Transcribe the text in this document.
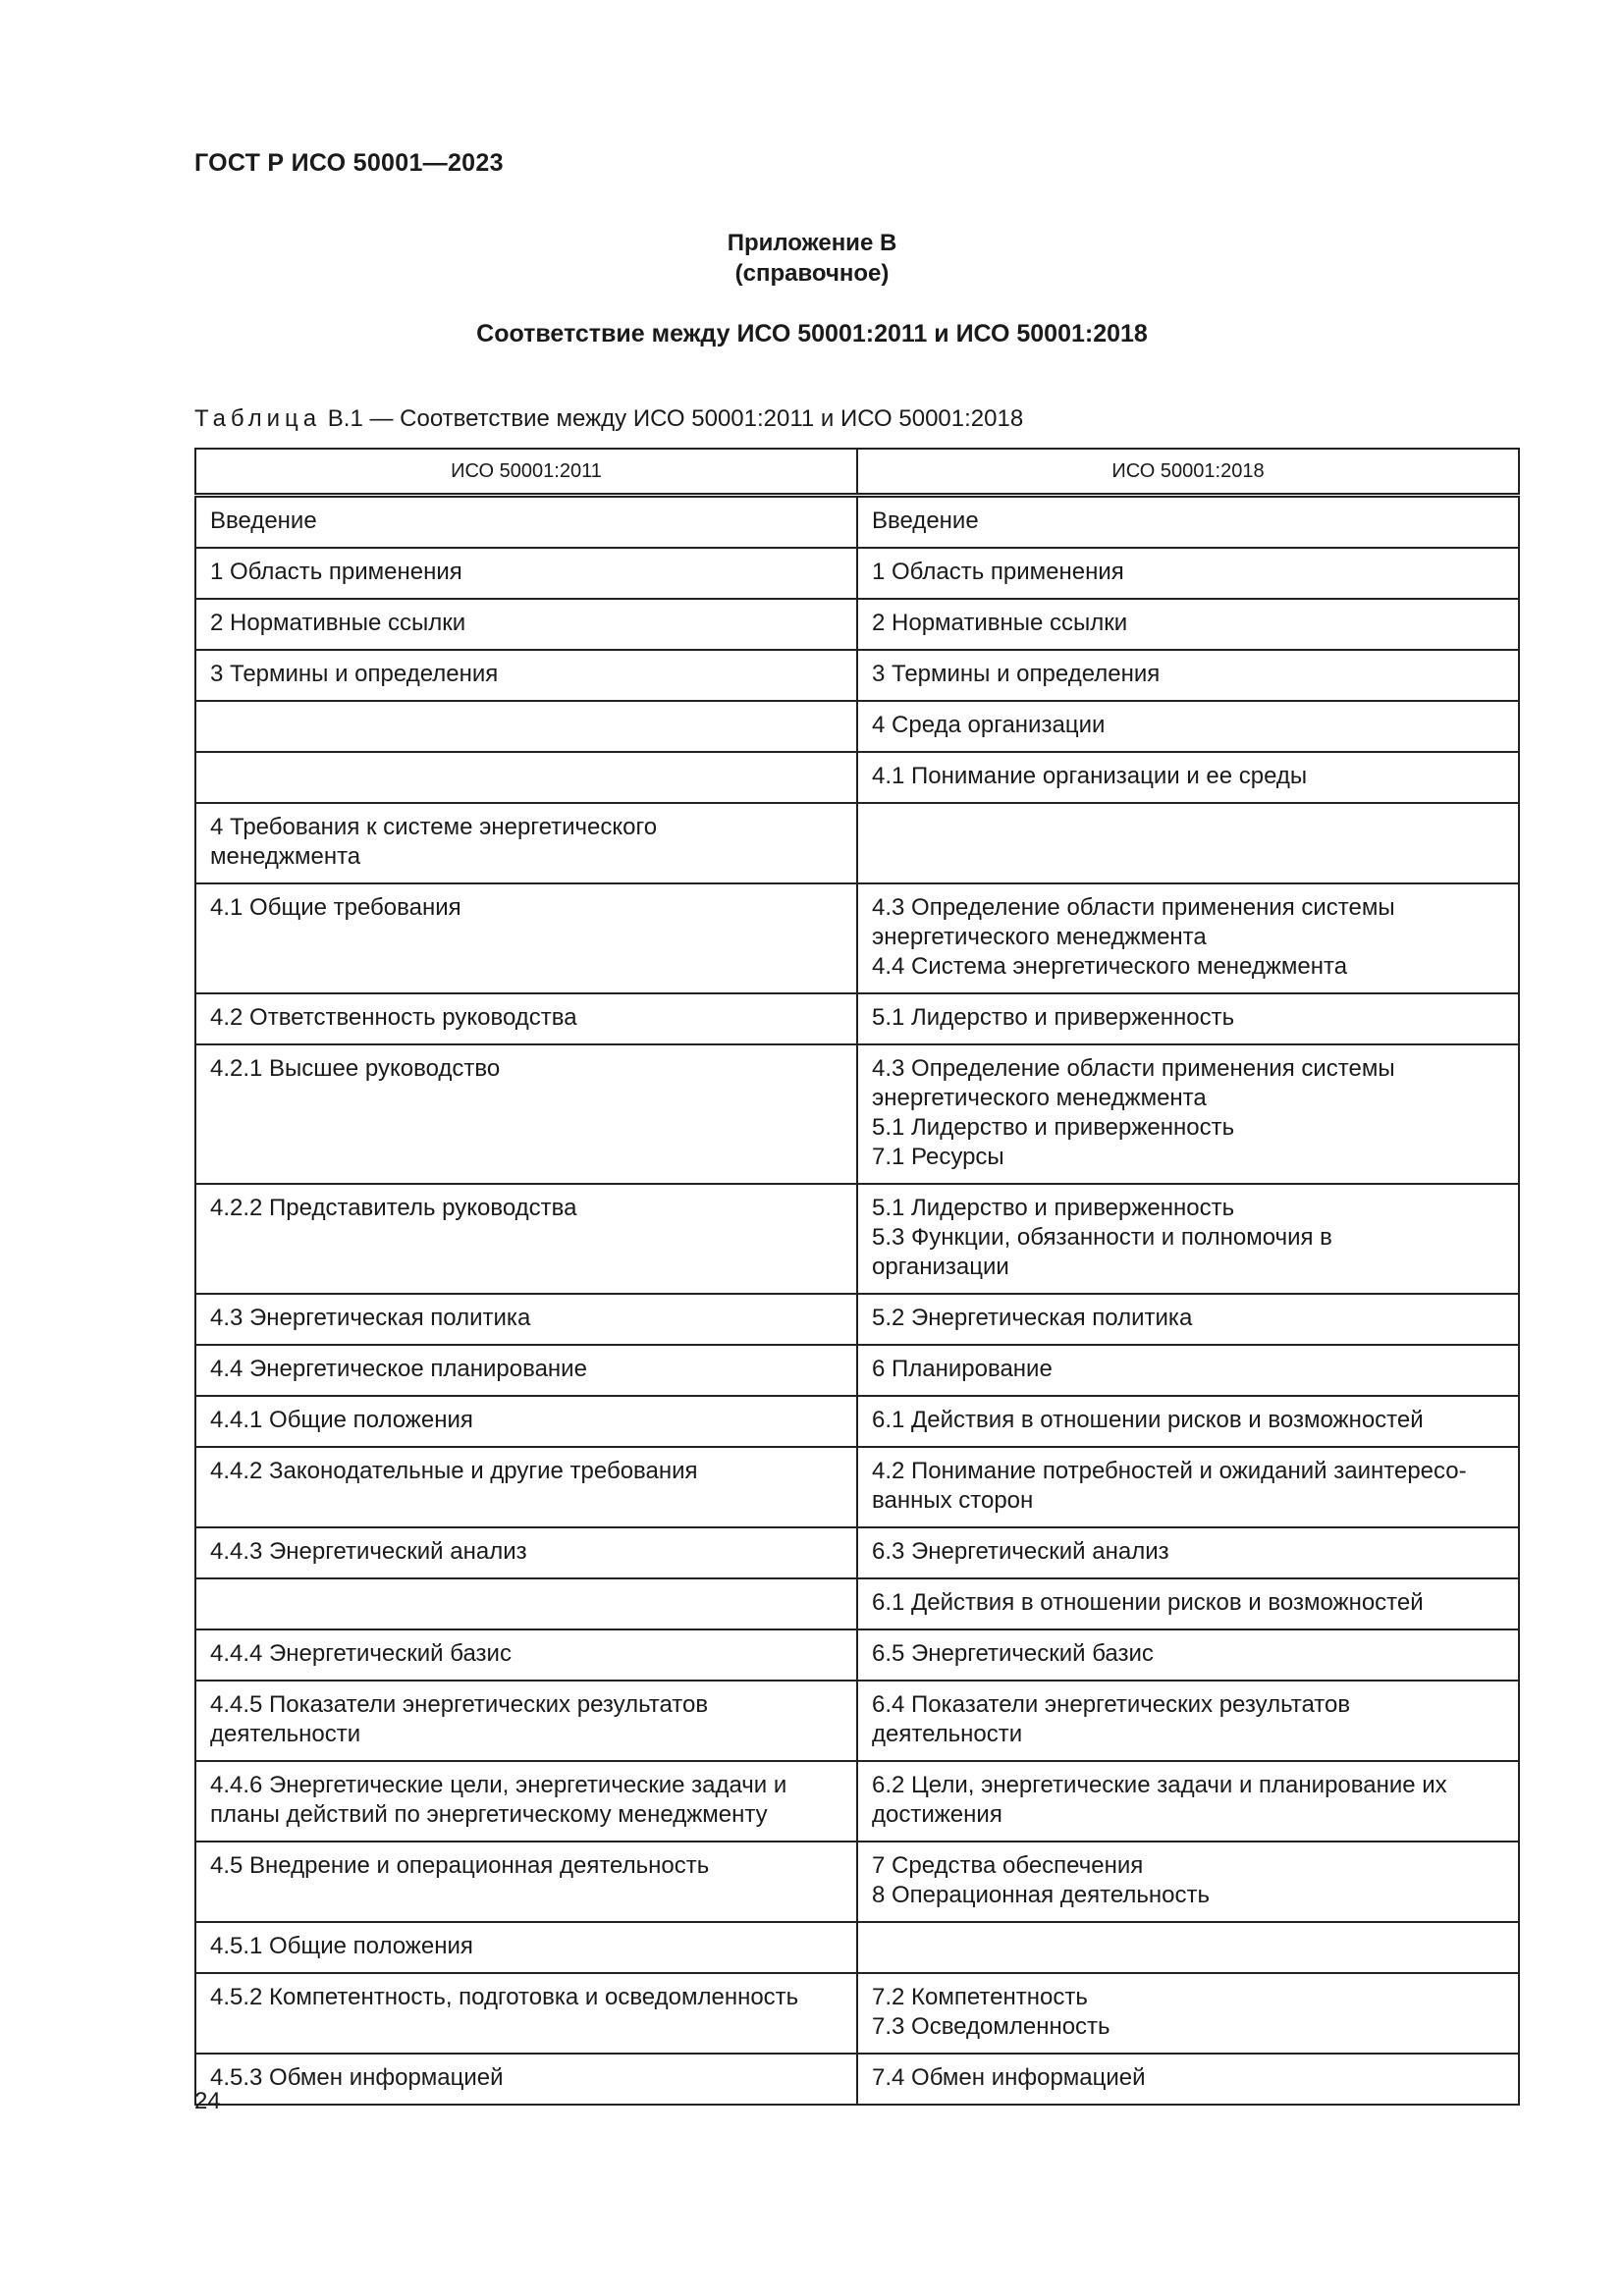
ГОСТ Р ИСО 50001—2023
Приложение В
(справочное)
Соответствие между ИСО 50001:2011 и ИСО 50001:2018
Таблица В.1 — Соответствие между ИСО 50001:2011 и ИСО 50001:2018
ИСО 50001:2011	ИСО 50001:2018

Введение	Введение

1 Область применения	1 Область применения

2 Нормативные ссылки	2 Нормативные ссылки

3 Термины и определения	3 Термины и определения

	4 Среда организации

	4.1 Понимание организации и ее среды

4 Требования к системе энергетического
менеджмента	

4.1 Общие требования	4.3 Определение области применения системы
энергетического менеджмента
4.4 Система энергетического менеджмента

4.2 Ответственность руководства	5.1 Лидерство и приверженность

4.2.1 Высшее руководство	4.3 Определение области применения системы
энергетического менеджмента
5.1 Лидерство и приверженность
7.1 Ресурсы

4.2.2 Представитель руководства	5.1 Лидерство и приверженность
5.3 Функции, обязанности и полномочия в
организации

4.3 Энергетическая политика	5.2 Энергетическая политика

4.4 Энергетическое планирование	6 Планирование

4.4.1 Общие положения	6.1 Действия в отношении рисков и возможностей

4.4.2 Законодательные и другие требования	4.2 Понимание потребностей и ожиданий заинтересо-
ванных сторон

4.4.3 Энергетический анализ	6.3 Энергетический анализ

	6.1 Действия в отношении рисков и возможностей

4.4.4 Энергетический базис	6.5 Энергетический базис

4.4.5 Показатели энергетических результатов
деятельности	6.4 Показатели энергетических результатов
деятельности

4.4.6 Энергетические цели, энергетические задачи и
планы действий по энергетическому менеджменту	6.2 Цели, энергетические задачи и планирование их
достижения

4.5 Внедрение и операционная деятельность	7 Средства обеспечения
8 Операционная деятельность

4.5.1 Общие положения	

4.5.2 Компетентность, подготовка и осведомленность	7.2 Компетентность
7.3 Осведомленность

4.5.3 Обмен информацией	7.4 Обмен информацией
24
